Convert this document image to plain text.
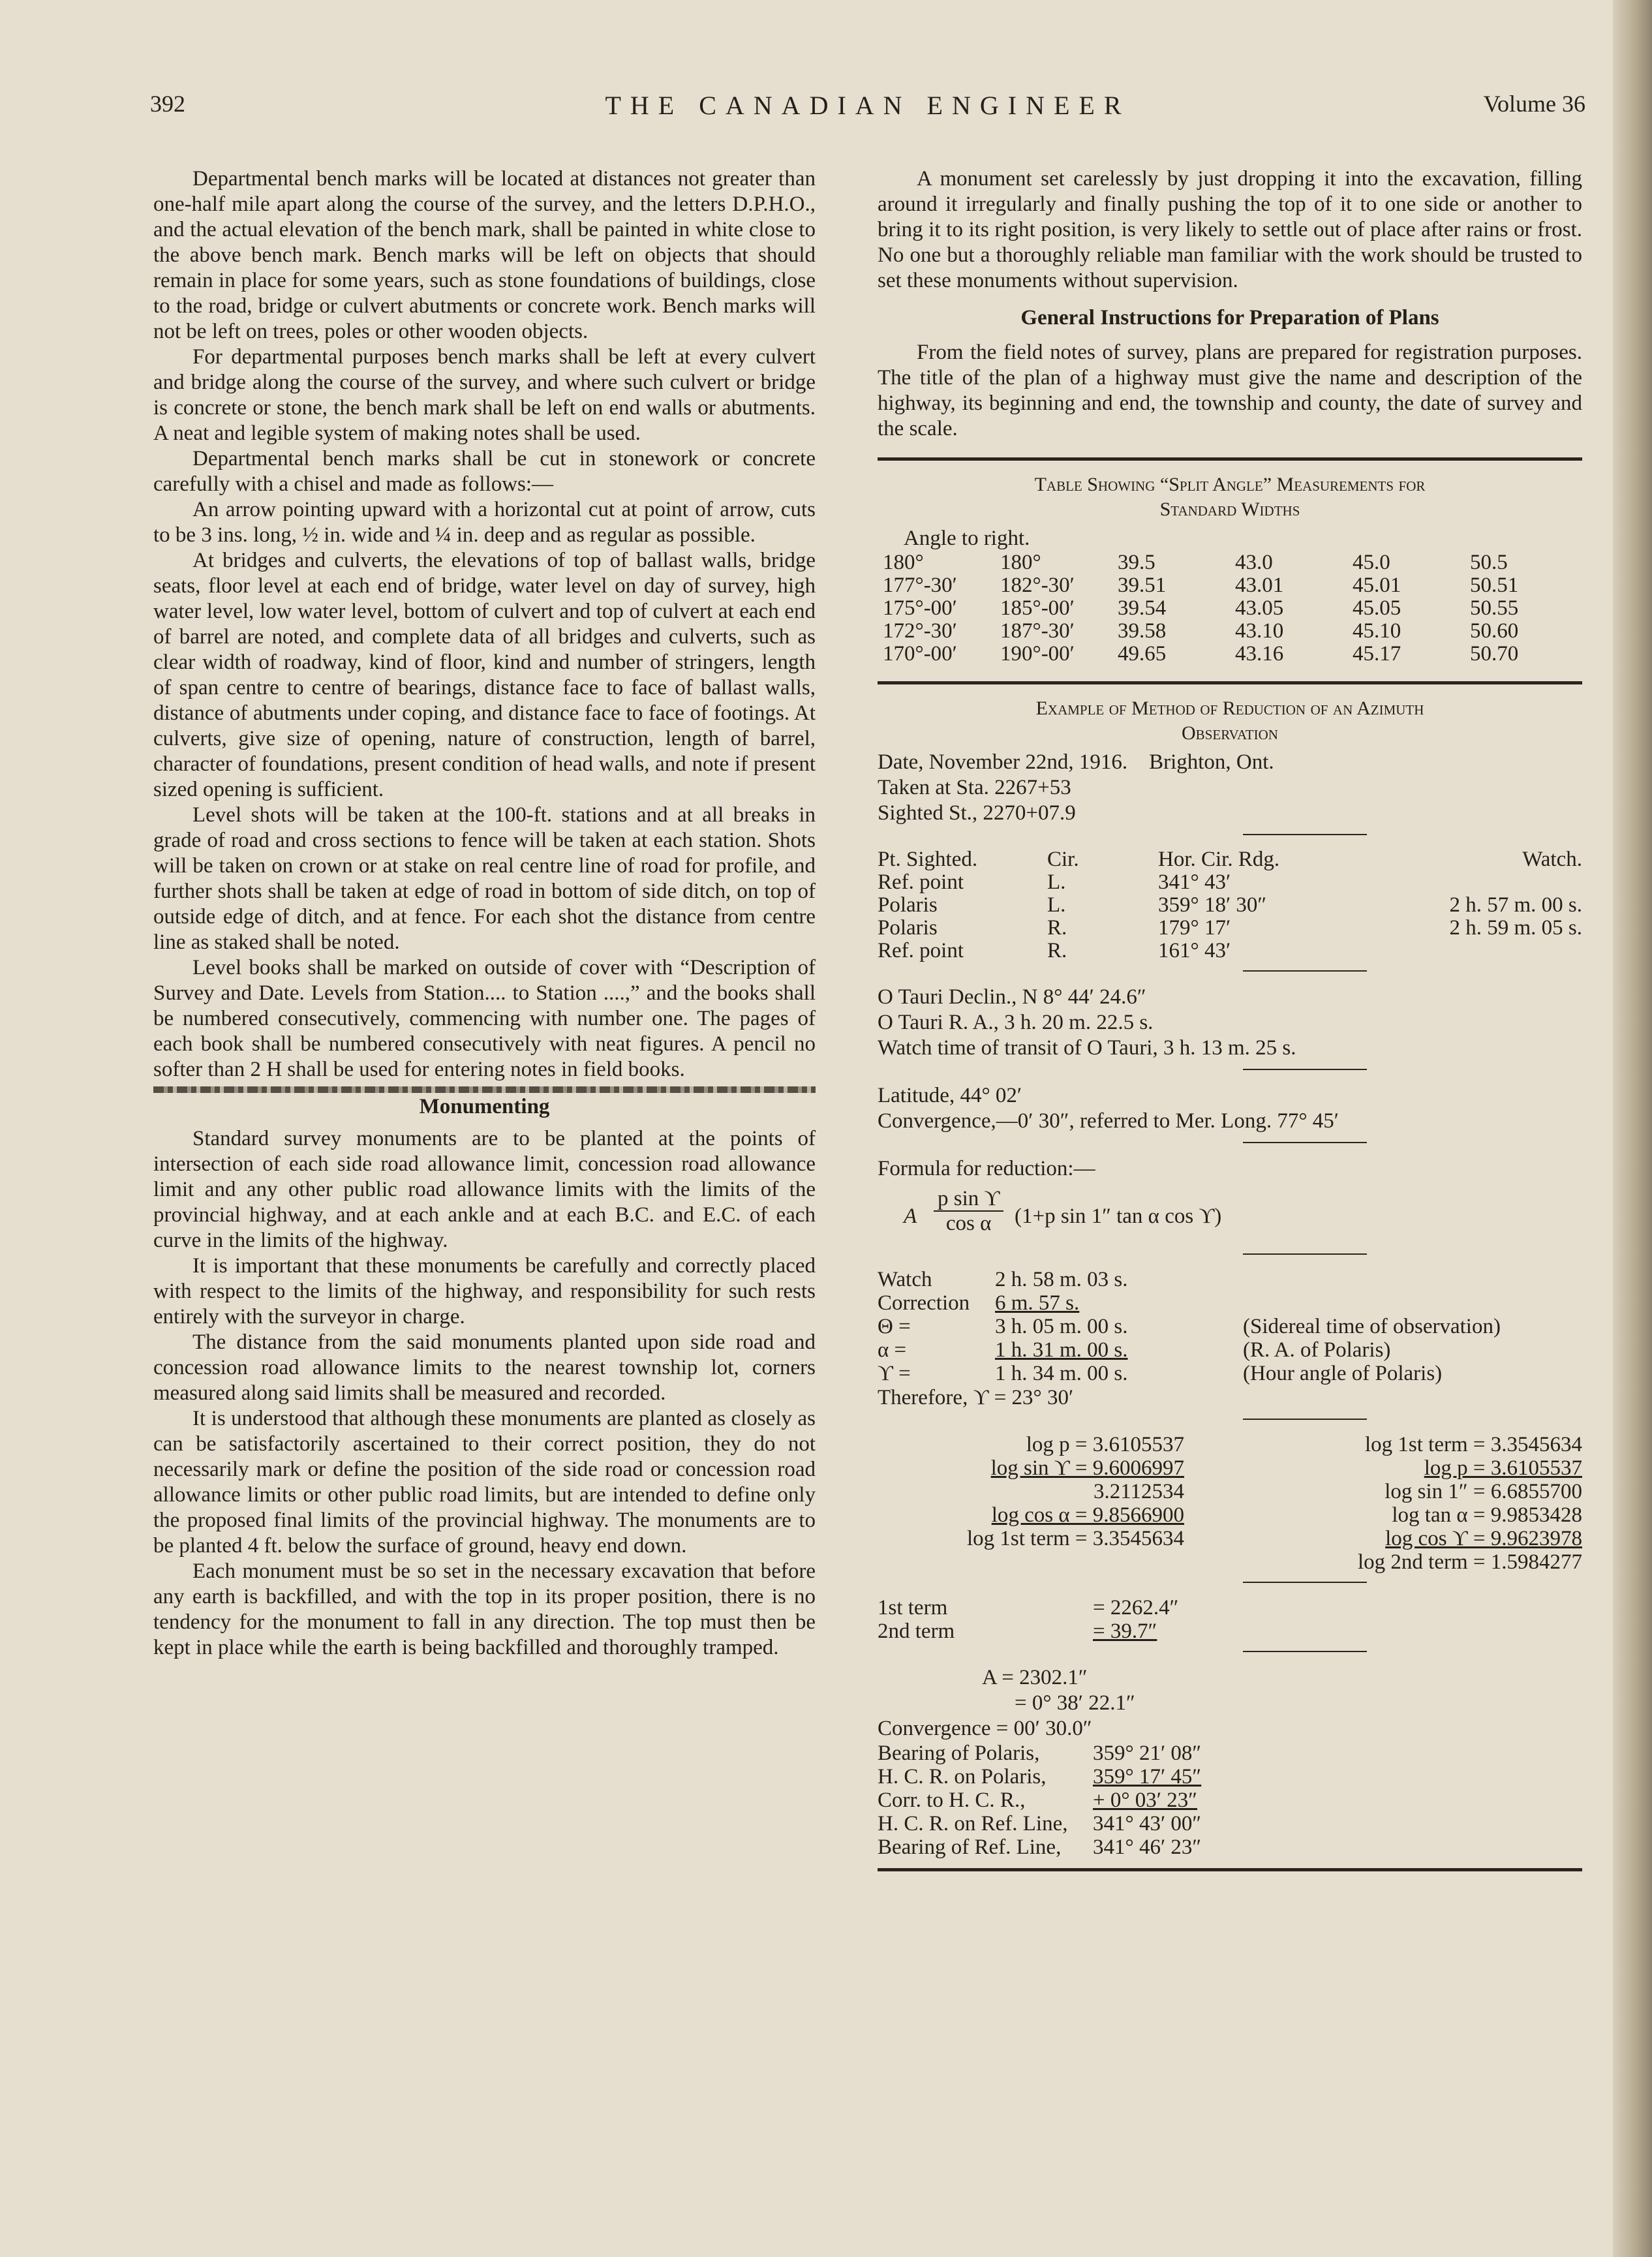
392	THE CANADIAN ENGINEER	Volume 36

Departmental bench marks will be located at distances not greater than one-half mile apart along the course of the survey, and the letters D.P.H.O., and the actual elevation of the bench mark, shall be painted in white close to the above bench mark. Bench marks will be left on objects that should remain in place for some years, such as stone foundations of buildings, close to the road, bridge or culvert abutments or concrete work. Bench marks will not be left on trees, poles or other wooden objects.

For departmental purposes bench marks shall be left at every culvert and bridge along the course of the survey, and where such culvert or bridge is concrete or stone, the bench mark shall be left on end walls or abutments. A neat and legible system of making notes shall be used.

Departmental bench marks shall be cut in stonework or concrete carefully with a chisel and made as follows:—

An arrow pointing upward with a horizontal cut at point of arrow, cuts to be 3 ins. long, ½ in. wide and ¼ in. deep and as regular as possible.

At bridges and culverts, the elevations of top of ballast walls, bridge seats, floor level at each end of bridge, water level on day of survey, high water level, low water level, bottom of culvert and top of culvert at each end of barrel are noted, and complete data of all bridges and culverts, such as clear width of roadway, kind of floor, kind and number of stringers, length of span centre to centre of bearings, distance face to face of ballast walls, distance of abutments under coping, and distance face to face of footings. At culverts, give size of opening, nature of construction, length of barrel, character of foundations, present condition of head walls, and note if present sized opening is sufficient.

Level shots will be taken at the 100-ft. stations and at all breaks in grade of road and cross sections to fence will be taken at each station. Shots will be taken on crown or at stake on real centre line of road for profile, and further shots shall be taken at edge of road in bottom of side ditch, on top of outside edge of ditch, and at fence. For each shot the distance from centre line as staked shall be noted.

Level books shall be marked on outside of cover with “Description of Survey and Date. Levels from Station.... to Station ....,” and the books shall be numbered consecutively, commencing with number one. The pages of each book shall be numbered consecutively with neat figures. A pencil no softer than 2 H shall be used for entering notes in field books.

Monumenting

Standard survey monuments are to be planted at the points of intersection of each side road allowance limit, concession road allowance limit and any other public road allowance limits with the limits of the provincial highway, and at each ankle and at each B.C. and E.C. of each curve in the limits of the highway.

It is important that these monuments be carefully and correctly placed with respect to the limits of the highway, and responsibility for such rests entirely with the surveyor in charge.

The distance from the said monuments planted upon side road and concession road allowance limits to the nearest township lot, corners measured along said limits shall be measured and recorded.

It is understood that although these monuments are planted as closely as can be satisfactorily ascertained to their correct position, they do not necessarily mark or define the position of the side road or concession road allowance limits or other public road limits, but are intended to define only the proposed final limits of the provincial highway. The monuments are to be planted 4 ft. below the surface of ground, heavy end down.

Each monument must be so set in the necessary excavation that before any earth is backfilled, and with the top in its proper position, there is no tendency for the monument to fall in any direction. The top must then be kept in place while the earth is being backfilled and thoroughly tramped.

A monument set carelessly by just dropping it into the excavation, filling around it irregularly and finally pushing the top of it to one side or another to bring it to its right position, is very likely to settle out of place after rains or frost. No one but a thoroughly reliable man familiar with the work should be trusted to set these monuments without supervision.

General Instructions for Preparation of Plans

From the field notes of survey, plans are prepared for registration purposes. The title of the plan of a highway must give the name and description of the highway, its beginning and end, the township and county, the date of survey and the scale.

Table Showing “Split Angle” Measurements for
Standard Widths
Angle to right.
180°	180°	39.5	43.0	45.0	50.5
177°-30′	182°-30′	39.51	43.01	45.01	50.51
175°-00′	185°-00′	39.54	43.05	45.05	50.55
172°-30′	187°-30′	39.58	43.10	45.10	50.60
170°-00′	190°-00′	49.65	43.16	45.17	50.70
Example of Method of Reduction of an Azimuth
Observation
Date, November 22nd, 1916.    Brighton, Ont.
Taken at Sta. 2267+53
Sighted St., 2270+07.9
Pt. Sighted.	Cir.	Hor. Cir. Rdg.	Watch.
Ref. point	L.	341° 43′	
Polaris	L.	359° 18′ 30″	2 h. 57 m. 00 s.
Polaris	R.	179° 17′	2 h. 59 m. 05 s.
Ref. point	R.	161° 43′	
O Tauri Declin., N 8° 44′ 24.6″
O Tauri R. A., 3 h. 20 m. 22.5 s.
Watch time of transit of O Tauri, 3 h. 13 m. 25 s.
Latitude, 44° 02′
Convergence,—0′ 30″, referred to Mer. Long. 77° 45′
Formula for reduction:—
A $\frac{\text{p sin ϒ}}{\text{cos α}} (1+p$ sin 1″ tan α cos ϒ)
Watch	2 h. 58 m. 03 s.	
Correction	6 m. 57 s.	
Θ =	3 h. 05 m. 00 s.	(Sidereal time of observation)
α =	1 h. 31 m. 00 s.	(R. A. of Polaris)
ϒ =	1 h. 34 m. 00 s.	(Hour angle of Polaris)
Therefore, ϒ = 23° 30′
log p = 3.6105537	log 1st term = 3.3545634
log sin ϒ = 9.6006997	log p = 3.6105537
3.2112534	log sin 1″ = 6.6855700
log cos α = 9.8566900	log tan α = 9.9853428
log 1st term = 3.3545634	log cos ϒ = 9.9623978
	log 2nd term = 1.5984277
1st term	= 2262.4″
2nd term	= 39.7″
A = 2302.1″
= 0° 38′ 22.1″
Convergence = 00′ 30.0″
Bearing of Polaris,	359° 21′ 08″
H. C. R. on Polaris,	359° 17′ 45″
Corr. to H. C. R.,	+ 0° 03′ 23″
H. C. R. on Ref. Line,	341° 43′ 00″
Bearing of Ref. Line,	341° 46′ 23″
